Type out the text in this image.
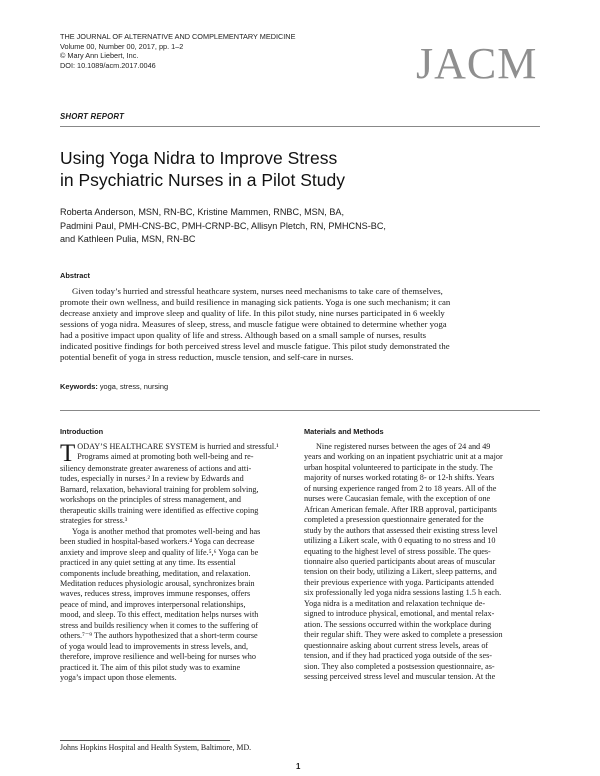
THE JOURNAL OF ALTERNATIVE AND COMPLEMENTARY MEDICINE
Volume 00, Number 00, 2017, pp. 1–2
© Mary Ann Liebert, Inc.
DOI: 10.1089/acm.2017.0046	JACM
SHORT REPORT
Using Yoga Nidra to Improve Stress
in Psychiatric Nurses in a Pilot Study
Roberta Anderson, MSN, RN-BC, Kristine Mammen, RNBC, MSN, BA,
Padmini Paul, PMH-CNS-BC, PMH-CRNP-BC, Allisyn Pletch, RN, PMHCNS-BC,
and Kathleen Pulia, MSN, RN-BC
Abstract
Given today’s hurried and stressful heathcare system, nurses need mechanisms to take care of themselves,
promote their own wellness, and build resilience in managing sick patients. Yoga is one such mechanism; it can
decrease anxiety and improve sleep and quality of life. In this pilot study, nine nurses participated in 6 weekly
sessions of yoga nidra. Measures of sleep, stress, and muscle fatigue were obtained to determine whether yoga
had a positive impact upon quality of life and stress. Although based on a small sample of nurses, results
indicated positive findings for both perceived stress level and muscle fatigue. This pilot study demonstrated the
potential benefit of yoga in stress reduction, muscle tension, and self-care in nurses.
Keywords: yoga, stress, nursing
Introduction
T ODAY’S HEALTHCARE SYSTEM is hurried and stressful.¹
Programs aimed at promoting both well-being and re-
siliency demonstrate greater awareness of actions and atti-
tudes, especially in nurses.² In a review by Edwards and
Barnard, relaxation, behavioral training for problem solving,
workshops on the principles of stress management, and
therapeutic skills training were identified as effective coping
strategies for stress.³
Yoga is another method that promotes well-being and has
been studied in hospital-based workers.⁴ Yoga can decrease
anxiety and improve sleep and quality of life.⁵,⁶ Yoga can be
practiced in any quiet setting at any time. Its essential
components include breathing, meditation, and relaxation.
Meditation reduces physiologic arousal, synchronizes brain
waves, reduces stress, improves immune responses, offers
peace of mind, and improves interpersonal relationships,
mood, and sleep. To this effect, meditation helps nurses with
stress and builds resiliency when it comes to the suffering of
others.⁷⁻⁹ The authors hypothesized that a short-term course
of yoga would lead to improvements in stress levels, and,
therefore, improve resilience and well-being for nurses who
practiced it. The aim of this pilot study was to examine
yoga’s impact upon those elements.
Materials and Methods
Nine registered nurses between the ages of 24 and 49
years and working on an inpatient psychiatric unit at a major
urban hospital volunteered to participate in the study. The
majority of nurses worked rotating 8- or 12-h shifts. Years
of nursing experience ranged from 2 to 18 years. All of the
nurses were Caucasian female, with the exception of one
African American female. After IRB approval, participants
completed a presession questionnaire generated for the
study by the authors that assessed their existing stress level
utilizing a Likert scale, with 0 equating to no stress and 10
equating to the highest level of stress possible. The ques-
tionnaire also queried participants about areas of muscular
tension on their body, utilizing a Likert, sleep patterns, and
their previous experience with yoga. Participants attended
six professionally led yoga nidra sessions lasting 1.5 h each.
Yoga nidra is a meditation and relaxation technique de-
signed to introduce physical, emotional, and mental relax-
ation. The sessions occurred within the workplace during
their regular shift. They were asked to complete a presession
questionnaire asking about current stress levels, areas of
tension, and if they had practiced yoga outside of the ses-
sion. They also completed a postsession questionnaire, as-
sessing perceived stress level and muscular tension. At the
Johns Hopkins Hospital and Health System, Baltimore, MD.
1
